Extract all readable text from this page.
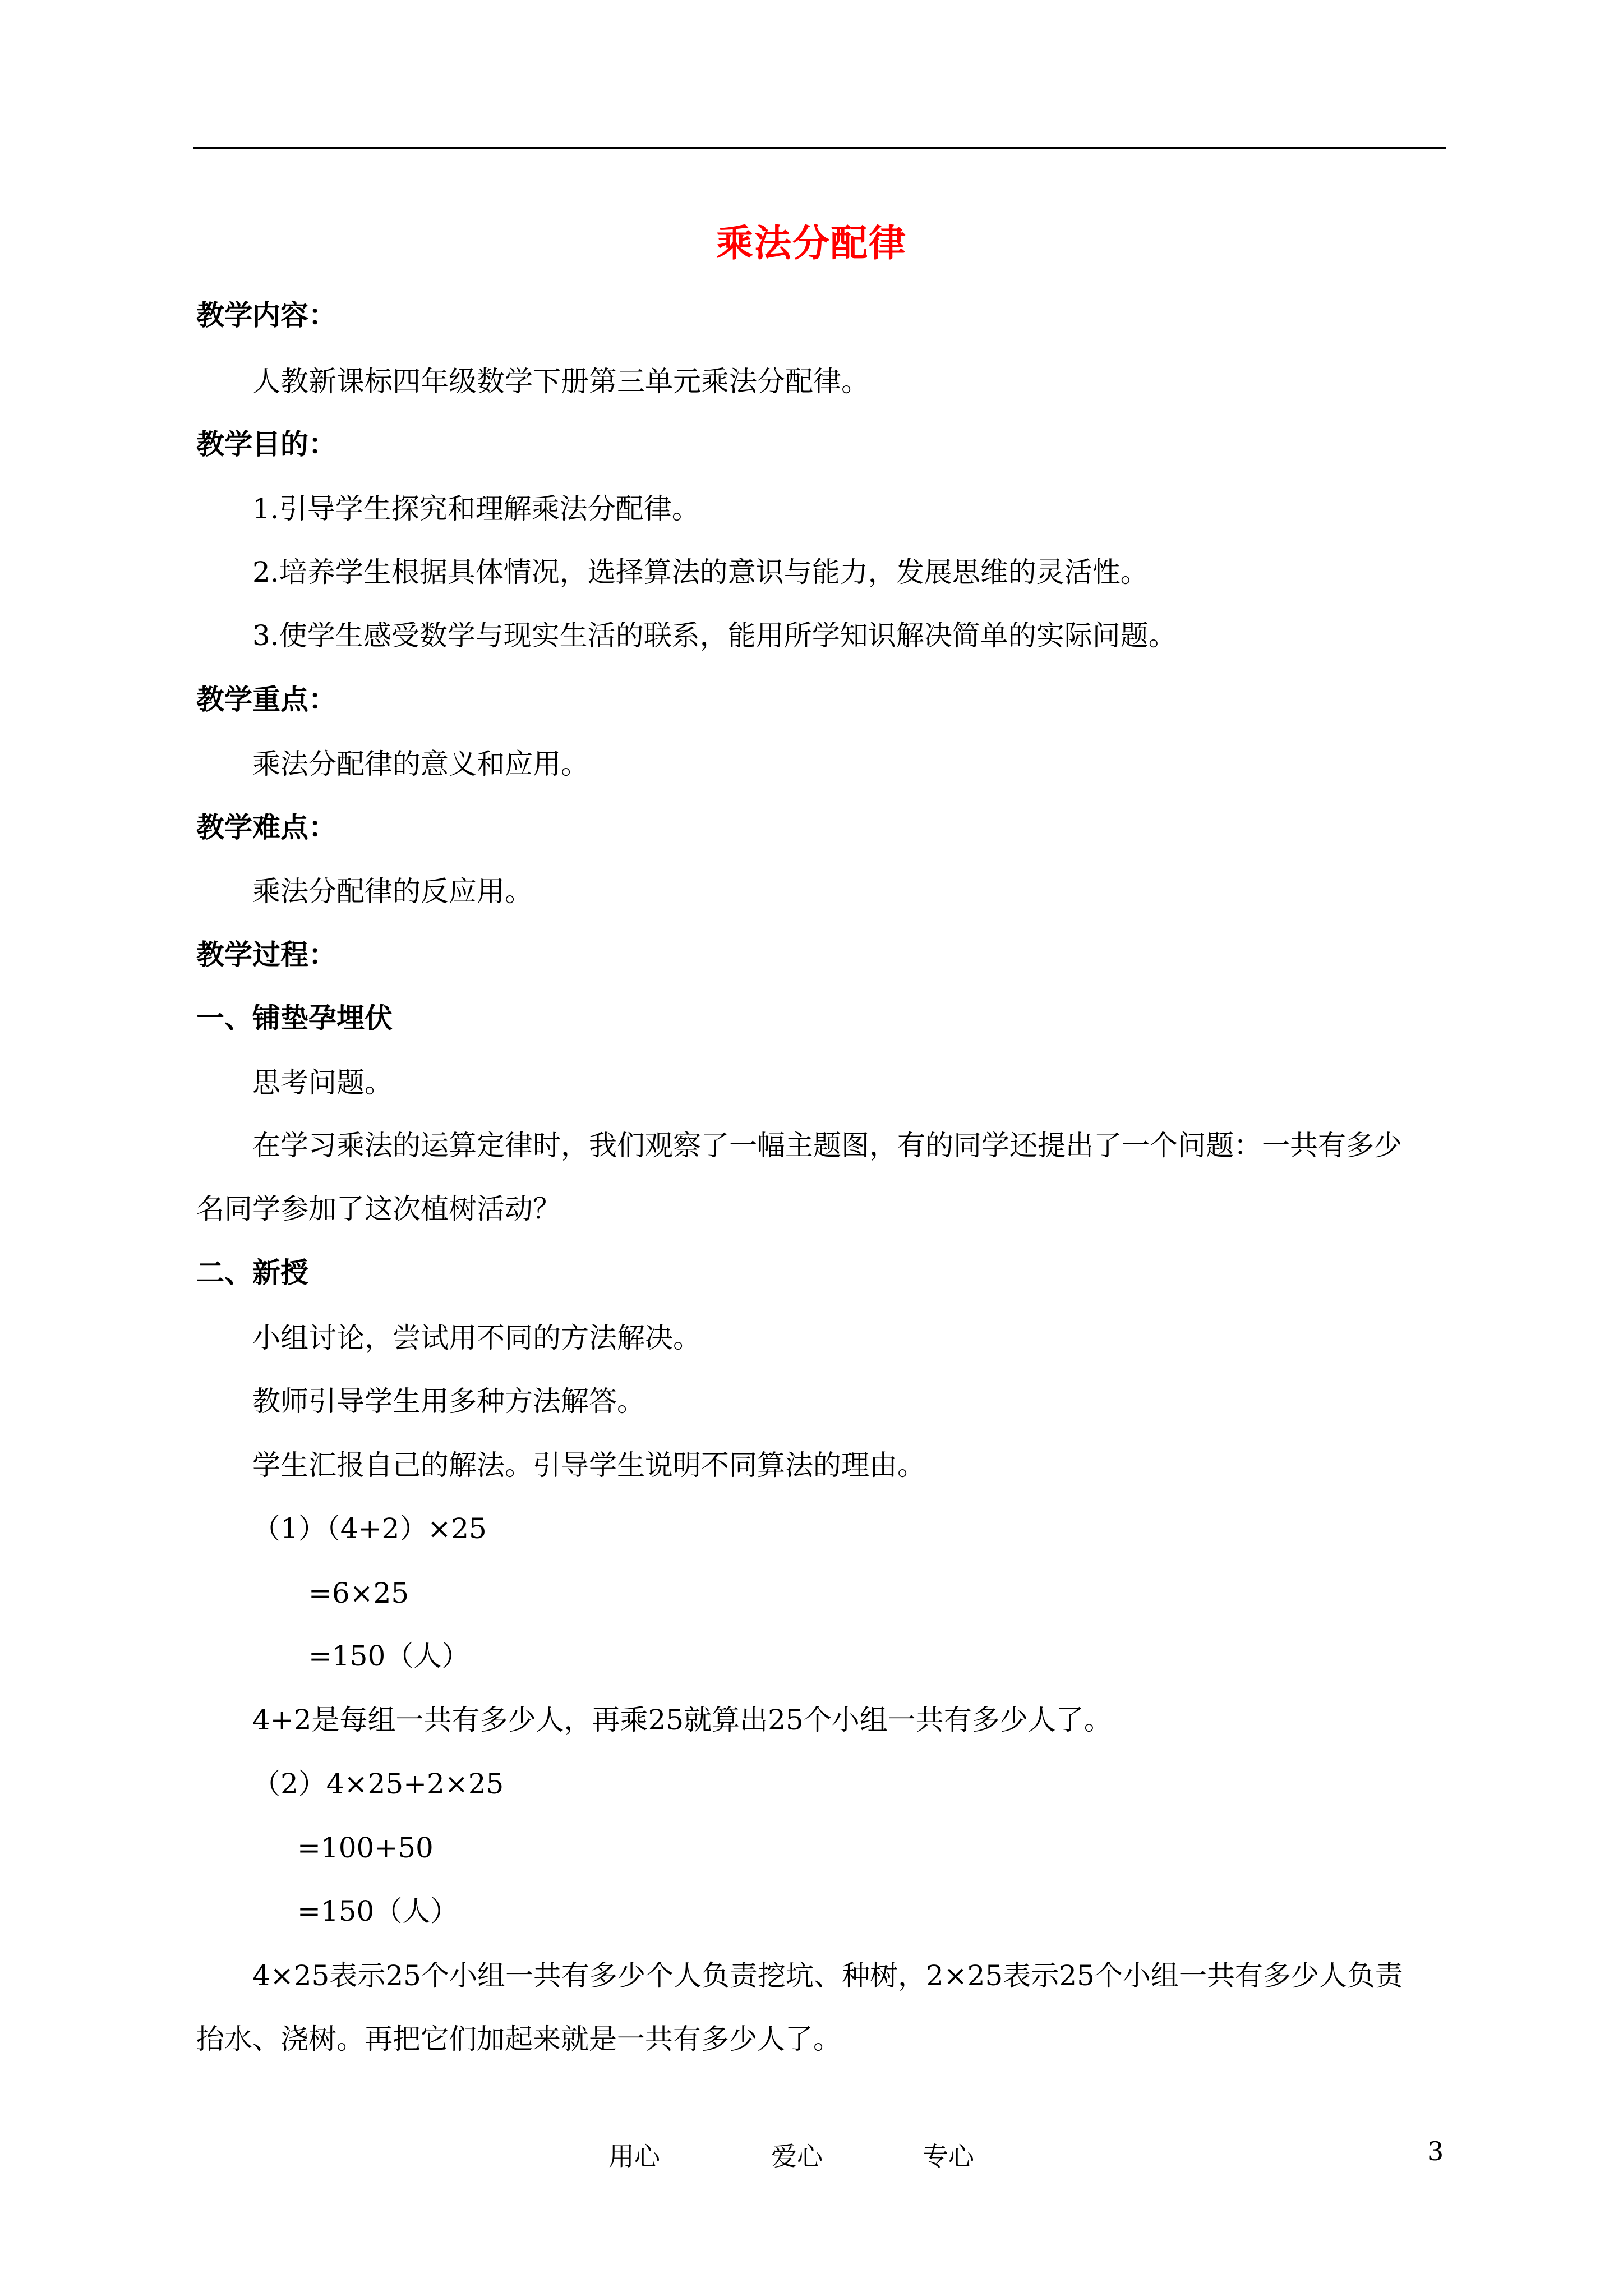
乘法分配律
教学内容：
人教新课标四年级数学下册第三单元乘法分配律。
教学目的：
1.引导学生探究和理解乘法分配律。
2.培养学生根据具体情况，选择算法的意识与能力，发展思维的灵活性。
3.使学生感受数学与现实生活的联系，能用所学知识解决简单的实际问题。
教学重点：
乘法分配律的意义和应用。
教学难点：
乘法分配律的反应用。
教学过程：
一、铺垫孕埋伏
思考问题。
在学习乘法的运算定律时，我们观察了一幅主题图，有的同学还提出了一个问题：一共有多少
名同学参加了这次植树活动？
二、新授
小组讨论，尝试用不同的方法解决。
教师引导学生用多种方法解答。
学生汇报自己的解法。引导学生说明不同算法的理由。
（1）（4+2）×25
=6×25
=150（人）
4+2是每组一共有多少人，再乘25就算出25个小组一共有多少人了。
（2）4×25+2×25
=100+50
=150（人）
4×25表示25个小组一共有多少个人负责挖坑、种树，2×25表示25个小组一共有多少人负责
抬水、浇树。再把它们加起来就是一共有多少人了。
用心	爱心	专心	3
